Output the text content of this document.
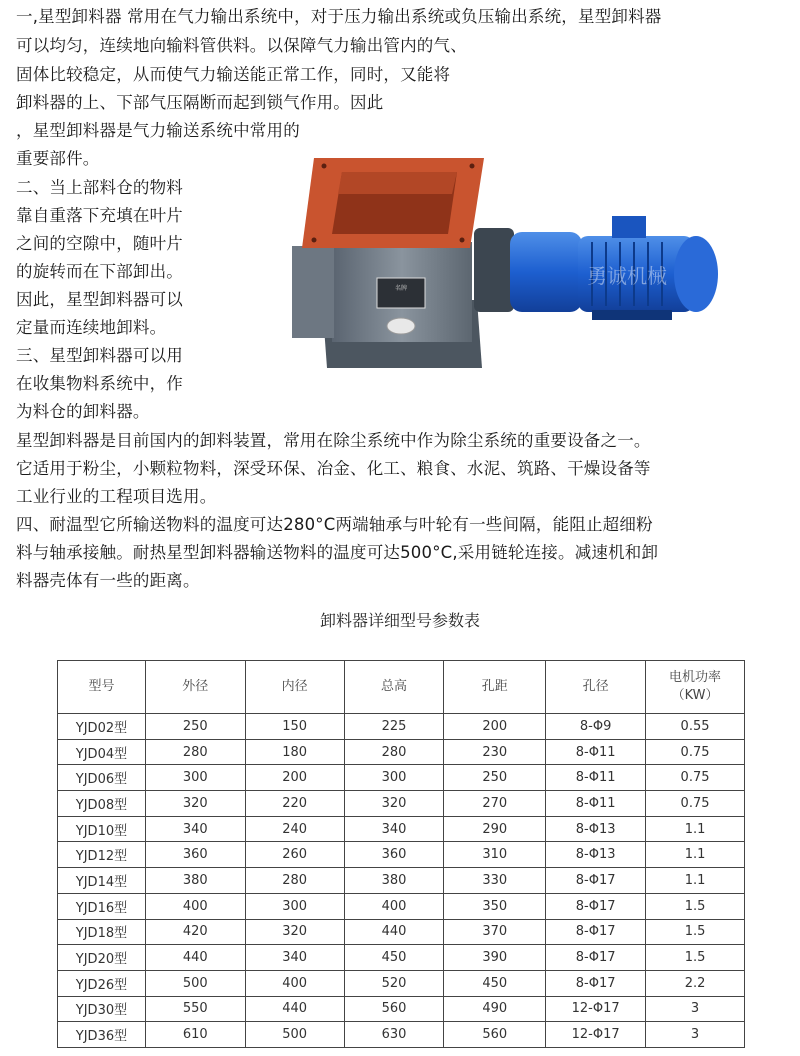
一,星型卸料器 常用在气力输出系统中，对于压力输出系统或负压输出系统，星型卸料器
可以均匀，连续地向输料管供料。以保障气力输出管内的气、
固体比较稳定，从而使气力输送能正常工作，同时，又能将
卸料器的上、下部气压隔断而起到锁气作用。因此
，星型卸料器是气力输送系统中常用的
重要部件。
二、当上部料仓的物料
靠自重落下充填在叶片
之间的空隙中，随叶片
的旋转而在下部卸出。
因此，星型卸料器可以
定量而连续地卸料。
三、星型卸料器可以用
在收集物料系统中，作
为料仓的卸料器。
星型卸料器是目前国内的卸料装置，常用在除尘系统中作为除尘系统的重要设备之一。
它适用于粉尘，小颗粒物料，深受环保、冶金、化工、粮食、水泥、筑路、干燥设备等
工业行业的工程项目选用。
四、耐温型它所输送物料的温度可达280°C两端轴承与叶轮有一些间隔，能阻止超细粉
料与轴承接触。耐热星型卸料器输送物料的温度可达500°C,采用链轮连接。减速机和卸
料器壳体有一些的距离。
名牌
勇诚机械
卸料器详细型号参数表
型号	外径	内径	总高	孔距	孔径	电机功率
（KW）

YJD02型	250	150	225	200	8-Φ9	0.55
YJD04型	280	180	280	230	8-Φ11	0.75
YJD06型	300	200	300	250	8-Φ11	0.75
YJD08型	320	220	320	270	8-Φ11	0.75
YJD10型	340	240	340	290	8-Φ13	1.1
YJD12型	360	260	360	310	8-Φ13	1.1
YJD14型	380	280	380	330	8-Φ17	1.1
YJD16型	400	300	400	350	8-Φ17	1.5
YJD18型	420	320	440	370	8-Φ17	1.5
YJD20型	440	340	450	390	8-Φ17	1.5
YJD26型	500	400	520	450	8-Φ17	2.2
YJD30型	550	440	560	490	12-Φ17	3
YJD36型	610	500	630	560	12-Φ17	3
